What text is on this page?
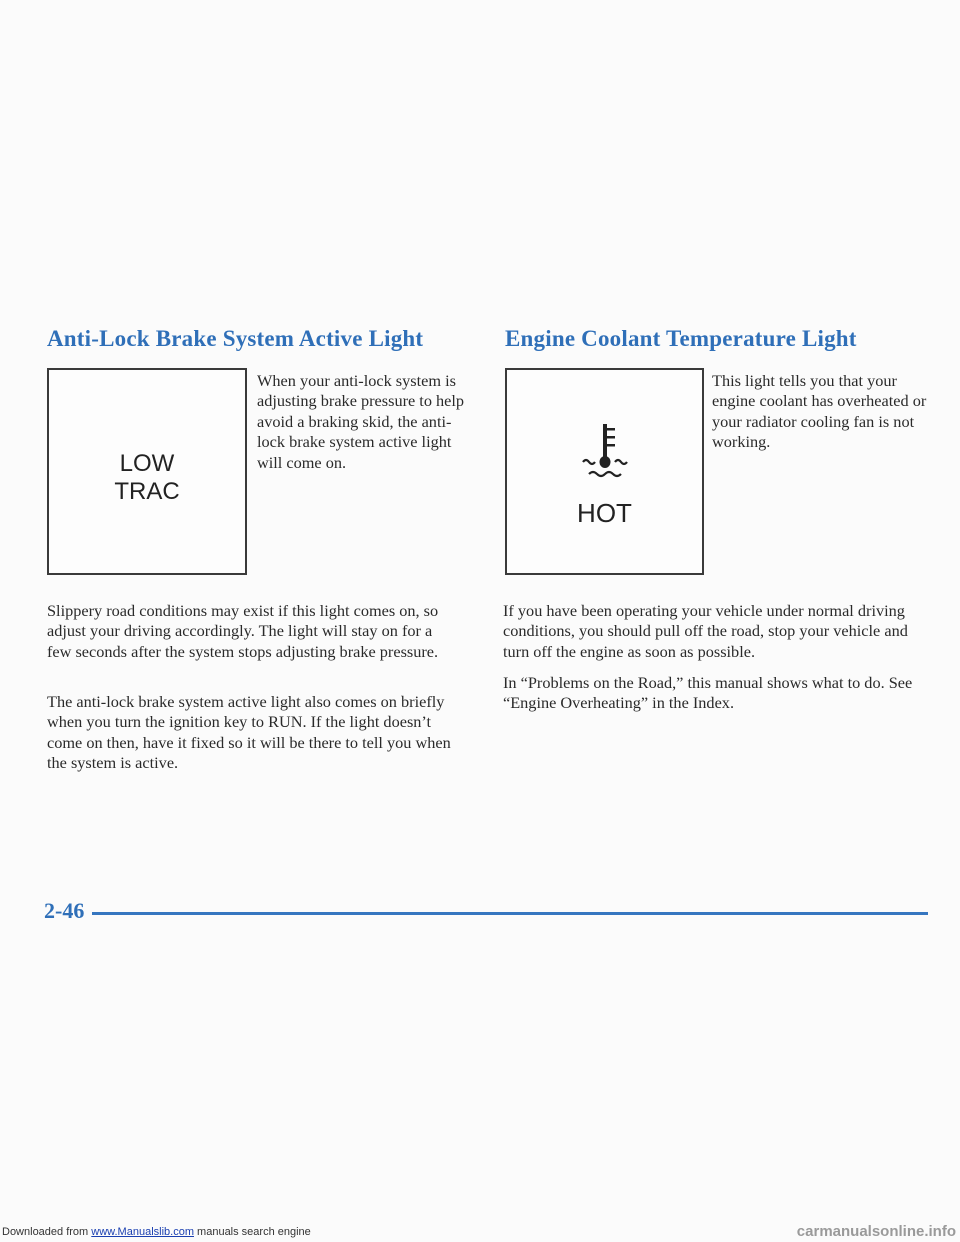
Anti-Lock Brake System Active Light
LOW
TRAC

When your anti-lock system is adjusting brake pressure to help avoid a braking skid, the anti-lock brake system active light will come on.

Slippery road conditions may exist if this light comes on, so adjust your driving accordingly. The light will stay on for a few seconds after the system stops adjusting brake pressure.

The anti-lock brake system active light also comes on briefly when you turn the ignition key to RUN. If the light doesn’t come on then, have it fixed so it will be there to tell you when the system is active.

Engine Coolant Temperature Light
HOT

This light tells you that your engine coolant has overheated or your radiator cooling fan is not working.

If you have been operating your vehicle under normal driving conditions, you should pull off the road, stop your vehicle and turn off the engine as soon as possible.

In “Problems on the Road,” this manual shows what to do. See “Engine Overheating” in the Index.

2-46

Downloaded from www.Manualslib.com manuals search engine	carmanualsonline.info
